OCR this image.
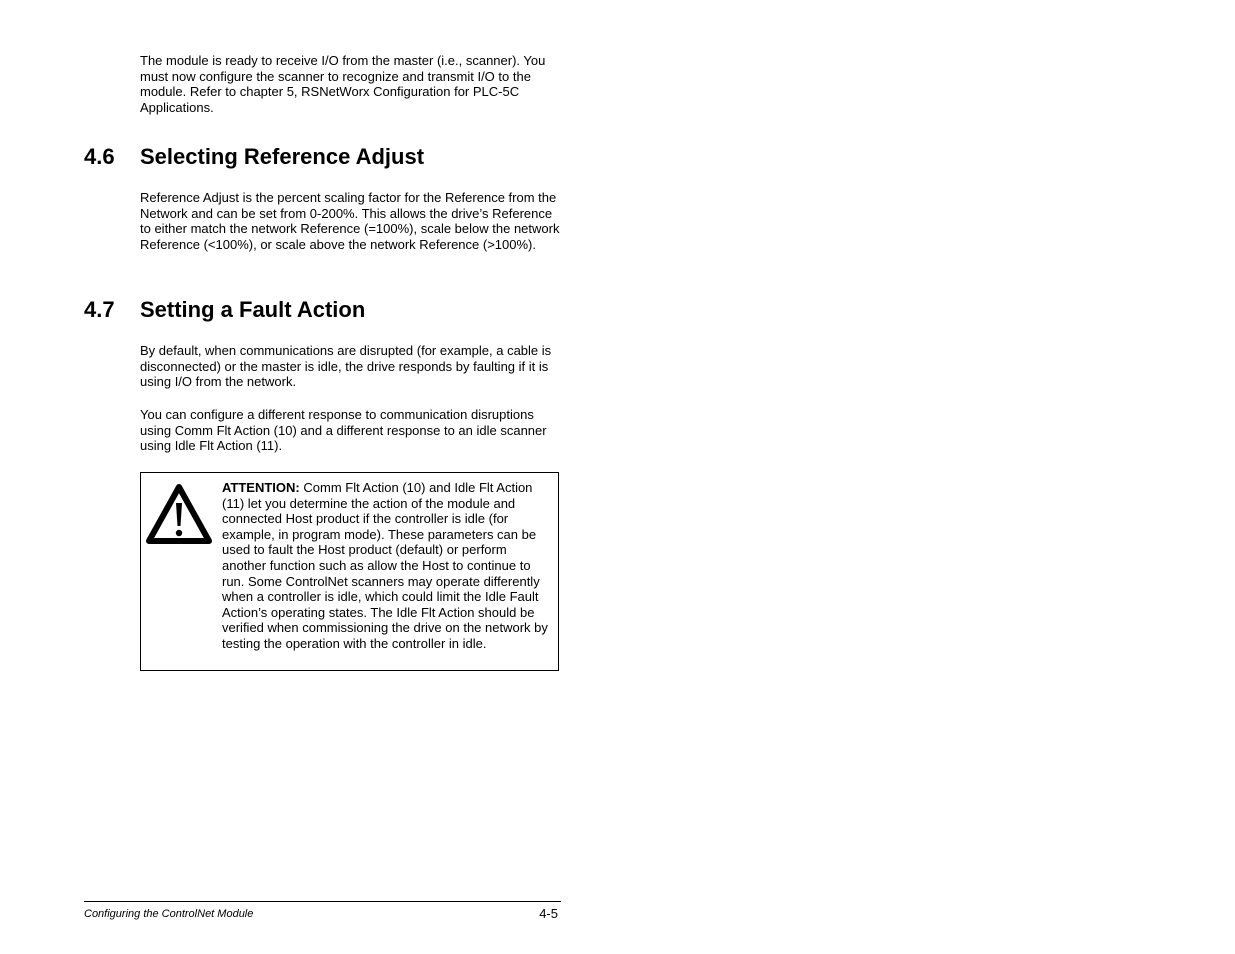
The module is ready to receive I/O from the master (i.e., scanner). You must now configure the scanner to recognize and transmit I/O to the module. Refer to chapter 5, RSNetWorx Configuration for PLC-5C Applications.

4.6 Selecting Reference Adjust

Reference Adjust is the percent scaling factor for the Reference from the Network and can be set from 0-200%. This allows the drive’s Reference to either match the network Reference (=100%), scale below the network Reference (<100%), or scale above the network Reference (>100%).

4.7 Setting a Fault Action

By default, when communications are disrupted (for example, a cable is disconnected) or the master is idle, the drive responds by faulting if it is using I/O from the network.

You can configure a different response to communication disruptions using Comm Flt Action (10) and a different response to an idle scanner using Idle Flt Action (11).

ATTENTION: Comm Flt Action (10) and Idle Flt Action (11) let you determine the action of the module and connected Host product if the controller is idle (for example, in program mode). These parameters can be used to fault the Host product (default) or perform another function such as allow the Host to continue to run. Some ControlNet scanners may operate differently when a controller is idle, which could limit the Idle Fault Action’s operating states. The Idle Flt Action should be verified when commissioning the drive on the network by testing the operation with the controller in idle.

Configuring the ControlNet Module	4-5
